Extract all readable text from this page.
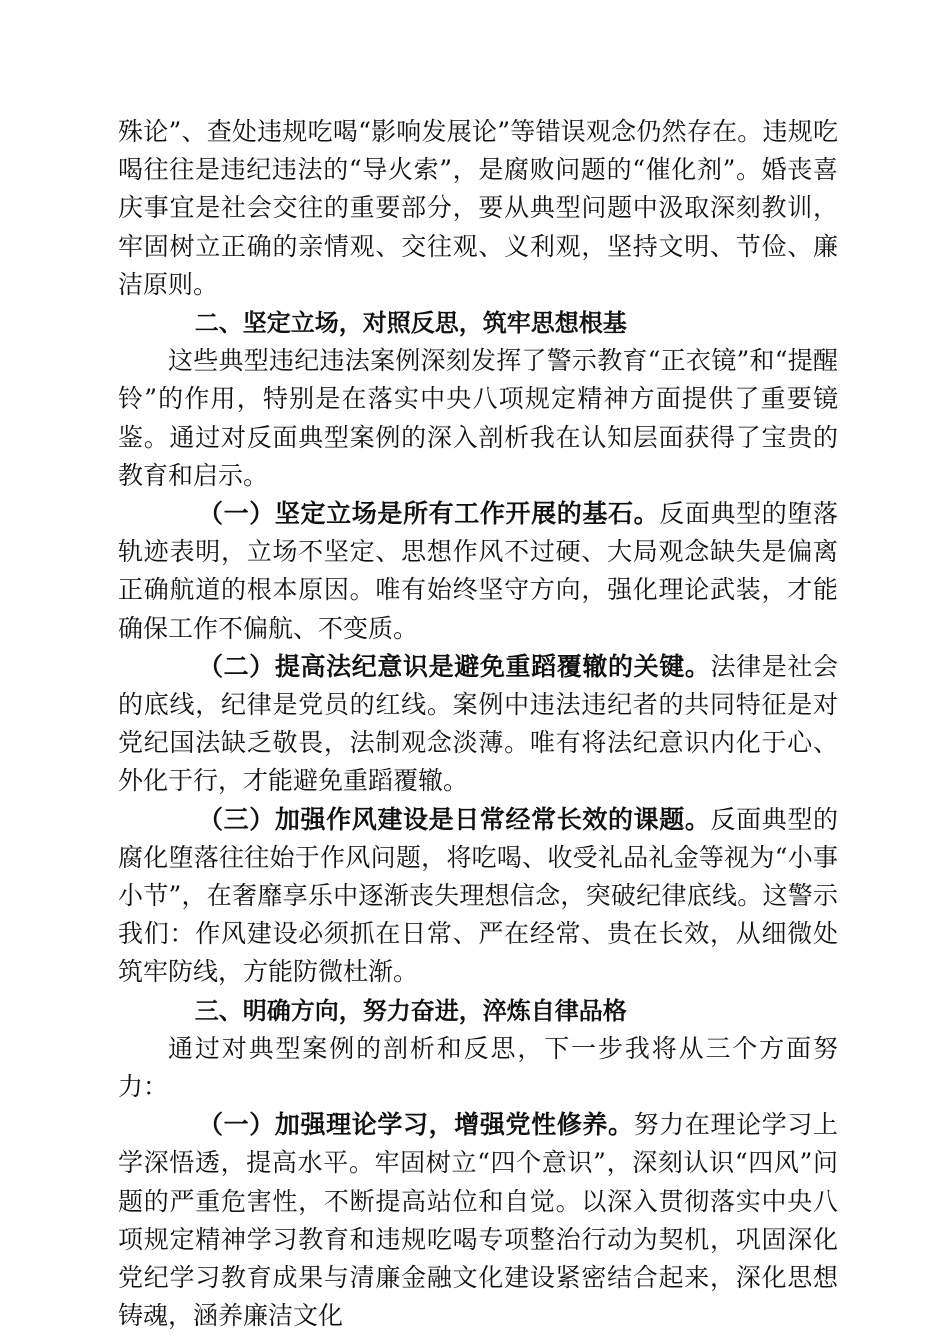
殊论”、查处违规吃喝“影响发展论”等错误观念仍然存在。违规吃喝往往是违纪违法的“导火索”，是腐败问题的“催化剂”。婚丧喜庆事宜是社会交往的重要部分，要从典型问题中汲取深刻教训，牢固树立正确的亲情观、交往观、义利观，坚持文明、节俭、廉洁原则。

二、坚定立场，对照反思，筑牢思想根基

这些典型违纪违法案例深刻发挥了警示教育“正衣镜”和“提醒铃”的作用，特别是在落实中央八项规定精神方面提供了重要镜鉴。通过对反面典型案例的深入剖析我在认知层面获得了宝贵的教育和启示。

（一）坚定立场是所有工作开展的基石。反面典型的堕落轨迹表明，立场不坚定、思想作风不过硬、大局观念缺失是偏离正确航道的根本原因。唯有始终坚守方向，强化理论武装，才能确保工作不偏航、不变质。

（二）提高法纪意识是避免重蹈覆辙的关键。法律是社会的底线，纪律是党员的红线。案例中违法违纪者的共同特征是对党纪国法缺乏敬畏，法制观念淡薄。唯有将法纪意识内化于心、外化于行，才能避免重蹈覆辙。

（三）加强作风建设是日常经常长效的课题。反面典型的腐化堕落往往始于作风问题，将吃喝、收受礼品礼金等视为“小事小节”，在奢靡享乐中逐渐丧失理想信念，突破纪律底线。这警示我们：作风建设必须抓在日常、严在经常、贵在长效，从细微处筑牢防线，方能防微杜渐。

三、明确方向，努力奋进，淬炼自律品格

通过对典型案例的剖析和反思，下一步我将从三个方面努力：

（一）加强理论学习，增强党性修养。努力在理论学习上学深悟透，提高水平。牢固树立“四个意识”，深刻认识“四风”问题的严重危害性，不断提高站位和自觉。以深入贯彻落实中央八项规定精神学习教育和违规吃喝专项整治行动为契机，巩固深化党纪学习教育成果与清廉金融文化建设紧密结合起来，深化思想铸魂，涵养廉洁文化
